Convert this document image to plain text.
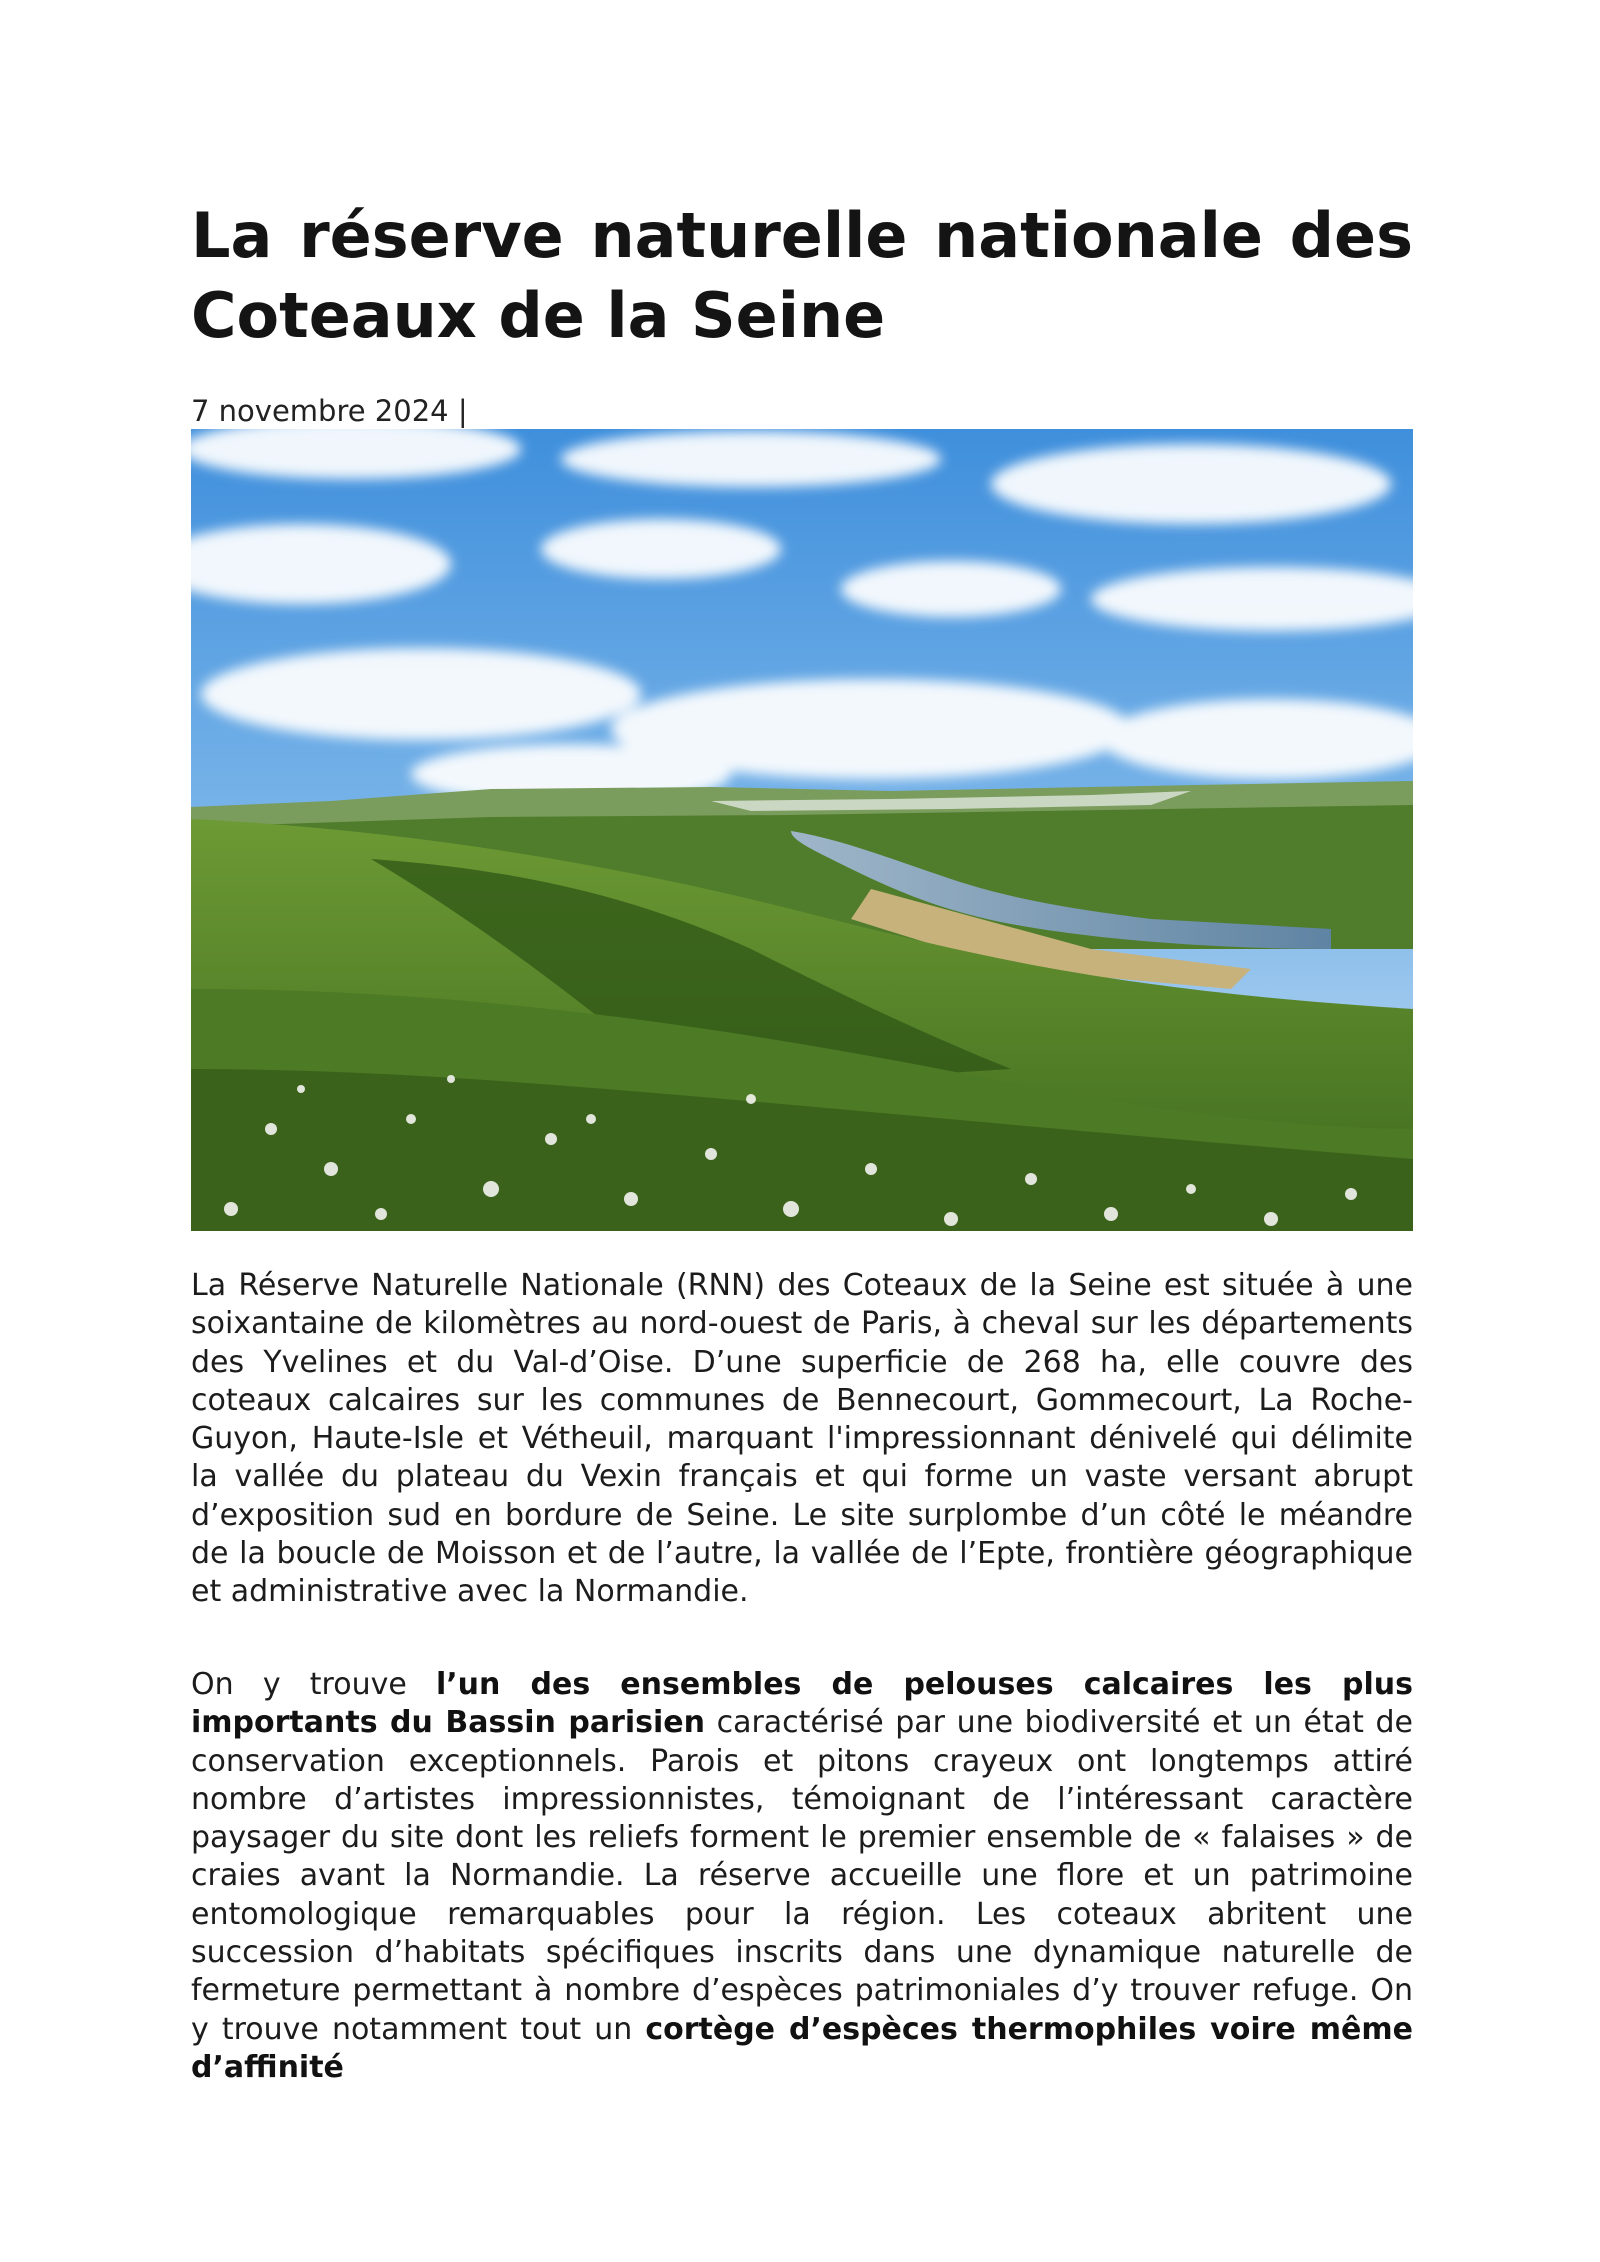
La réserve naturelle nationale des Coteaux de la Seine
7 novembre 2024 |

La Réserve Naturelle Nationale (RNN) des Coteaux de la Seine est située à une soixantaine de kilomètres au nord-ouest de Paris, à cheval sur les départements des Yvelines et du Val-d’Oise. D’une superficie de 268 ha, elle couvre des coteaux calcaires sur les communes de Bennecourt, Gommecourt, La Roche-Guyon, Haute-Isle et Vétheuil, marquant l'impressionnant dénivelé qui délimite la vallée du plateau du Vexin français et qui forme un vaste versant abrupt d’exposition sud en bordure de Seine. Le site surplombe d’un côté le méandre de la boucle de Moisson et de l’autre, la vallée de l’Epte, frontière géographique et administrative avec la Normandie.

On y trouve l’un des ensembles de pelouses calcaires les plus importants du Bassin parisien caractérisé par une biodiversité et un état de conservation exceptionnels. Parois et pitons crayeux ont longtemps attiré nombre d’artistes impressionnistes, témoignant de l’intéressant caractère paysager du site dont les reliefs forment le premier ensemble de « falaises » de craies avant la Normandie. La réserve accueille une flore et un patrimoine entomologique remarquables pour la région. Les coteaux abritent une succession d’habitats spécifiques inscrits dans une dynamique naturelle de fermeture permettant à nombre d’espèces patrimoniales d’y trouver refuge. On y trouve notamment tout un cortège d’espèces thermophiles voire même d’affinité
